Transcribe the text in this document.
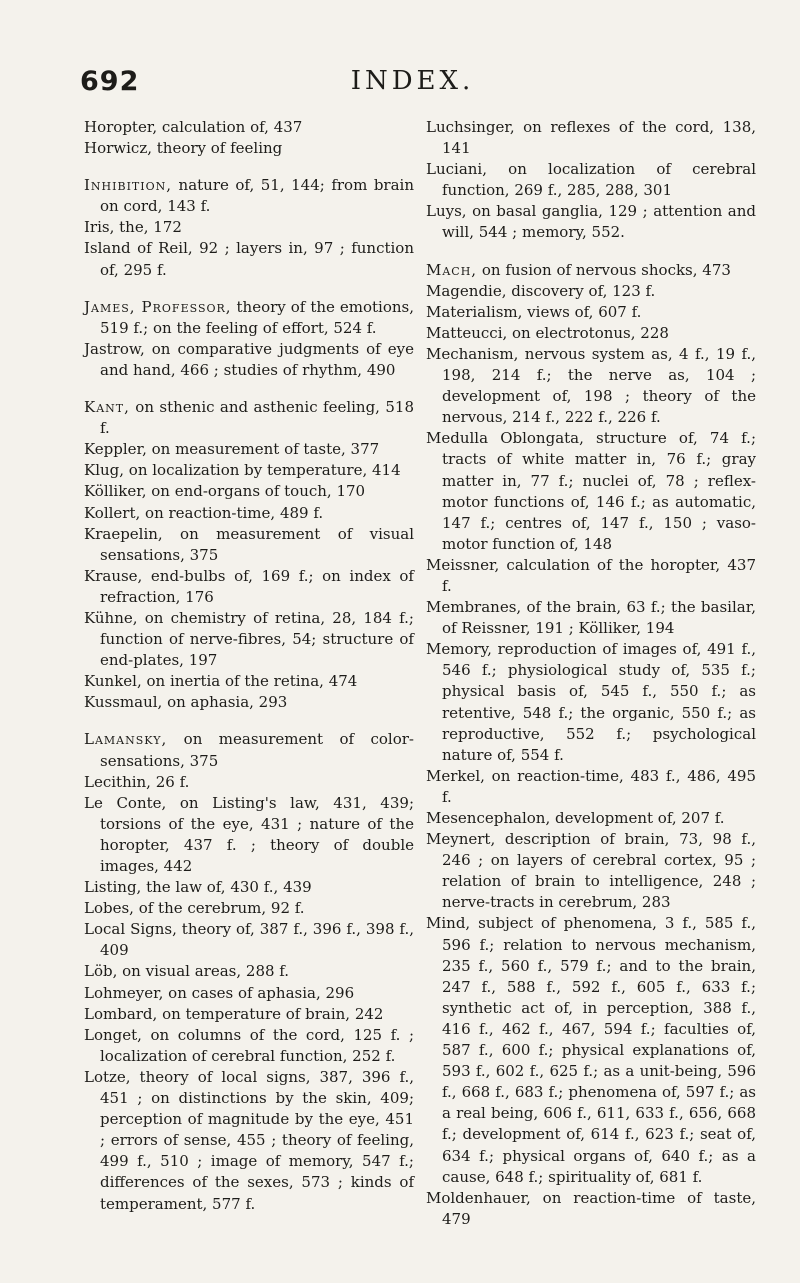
692	INDEX.
Horopter, calculation of, 437
Horwicz, theory of feeling
Inhibition, nature of, 51, 144; from brain on cord, 143 f.
Iris, the, 172
Island of Reil, 92 ; layers in, 97 ; function of, 295 f.
James, Professor, theory of the emotions, 519 f.; on the feeling of effort, 524 f.
Jastrow, on comparative judgments of eye and hand, 466 ; studies of rhythm, 490
Kant, on sthenic and asthenic feeling, 518 f.
Keppler, on measurement of taste, 377
Klug, on localization by temperature, 414
Kölliker, on end-organs of touch, 170
Kollert, on reaction-time, 489 f.
Kraepelin, on measurement of visual sensations, 375
Krause, end-bulbs of, 169 f.; on index of refraction, 176
Kühne, on chemistry of retina, 28, 184 f.; function of nerve-fibres, 54; structure of end-plates, 197
Kunkel, on inertia of the retina, 474
Kussmaul, on aphasia, 293
Lamansky, on measurement of color-sensations, 375
Lecithin, 26 f.
Le Conte, on Listing's law, 431, 439; torsions of the eye, 431 ; nature of the horopter, 437 f. ; theory of double images, 442
Listing, the law of, 430 f., 439
Lobes, of the cerebrum, 92 f.
Local Signs, theory of, 387 f., 396 f., 398 f., 409
Löb, on visual areas, 288 f.
Lohmeyer, on cases of aphasia, 296
Lombard, on temperature of brain, 242
Longet, on columns of the cord, 125 f. ; localization of cerebral function, 252 f.
Lotze, theory of local signs, 387, 396 f., 451 ; on distinctions by the skin, 409; perception of magnitude by the eye, 451 ; errors of sense, 455 ; theory of feeling, 499 f., 510 ; image of memory, 547 f.; differences of the sexes, 573 ; kinds of temperament, 577 f.
Luchsinger, on reflexes of the cord, 138, 141
Luciani, on localization of cerebral function, 269 f., 285, 288, 301
Luys, on basal ganglia, 129 ; attention and will, 544 ; memory, 552.
Mach, on fusion of nervous shocks, 473
Magendie, discovery of, 123 f.
Materialism, views of, 607 f.
Matteucci, on electrotonus, 228
Mechanism, nervous system as, 4 f., 19 f., 198, 214 f.; the nerve as, 104 ; development of, 198 ; theory of the nervous, 214 f., 222 f., 226 f.
Medulla Oblongata, structure of, 74 f.; tracts of white matter in, 76 f.; gray matter in, 77 f.; nuclei of, 78 ; reflex-motor functions of, 146 f.; as automatic, 147 f.; centres of, 147 f., 150 ; vaso-motor function of, 148
Meissner, calculation of the horopter, 437 f.
Membranes, of the brain, 63 f.; the basilar, of Reissner, 191 ; Kölliker, 194
Memory, reproduction of images of, 491 f., 546 f.; physiological study of, 535 f.; physical basis of, 545 f., 550 f.; as retentive, 548 f.; the organic, 550 f.; as reproductive, 552 f.; psychological nature of, 554 f.
Merkel, on reaction-time, 483 f., 486, 495 f.
Mesencephalon, development of, 207 f.
Meynert, description of brain, 73, 98 f., 246 ; on layers of cerebral cortex, 95 ; relation of brain to intelligence, 248 ; nerve-tracts in cerebrum, 283
Mind, subject of phenomena, 3 f., 585 f., 596 f.; relation to nervous mechanism, 235 f., 560 f., 579 f.; and to the brain, 247 f., 588 f., 592 f., 605 f., 633 f.; synthetic act of, in perception, 388 f., 416 f., 462 f., 467, 594 f.; faculties of, 587 f., 600 f.; physical explanations of, 593 f., 602 f., 625 f.; as a unit-being, 596 f., 668 f., 683 f.; phenomena of, 597 f.; as a real being, 606 f., 611, 633 f., 656, 668 f.; development of, 614 f., 623 f.; seat of, 634 f.; physical organs of, 640 f.; as a cause, 648 f.; spirituality of, 681 f.
Moldenhauer, on reaction-time of taste, 479
